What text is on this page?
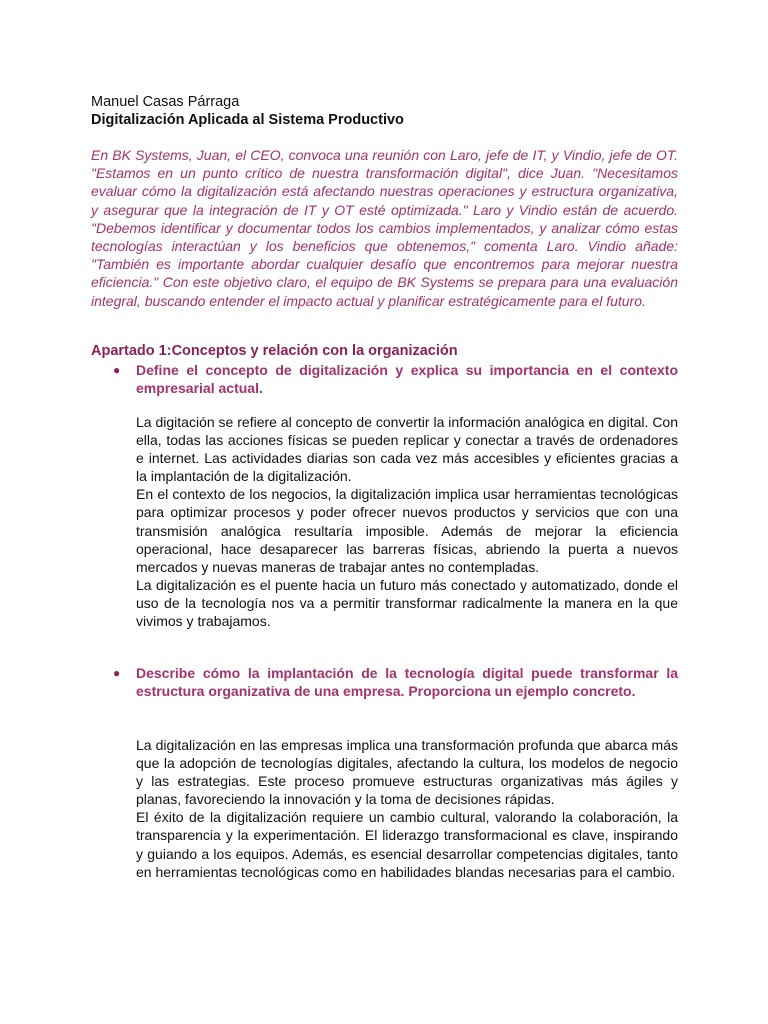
Manuel Casas Párraga
Digitalización Aplicada al Sistema Productivo

En BK Systems, Juan, el CEO, convoca una reunión con Laro, jefe de IT, y Vindio, jefe de OT. "Estamos en un punto crítico de nuestra transformación digital", dice Juan. "Necesitamos evaluar cómo la digitalización está afectando nuestras operaciones y estructura organizativa, y asegurar que la integración de IT y OT esté optimizada." Laro y Vindio están de acuerdo. "Debemos identificar y documentar todos los cambios implementados, y analizar cómo estas tecnologías interactúan y los beneficios que obtenemos," comenta Laro. Vindio añade: "También es importante abordar cualquier desafío que encontremos para mejorar nuestra eficiencia." Con este objetivo claro, el equipo de BK Systems se prepara para una evaluación integral, buscando entender el impacto actual y planificar estratégicamente para el futuro.

Apartado 1:Conceptos y relación con la organización
● Define el concepto de digitalización y explica su importancia en el contexto empresarial actual.

La digitación se refiere al concepto de convertir la información analógica en digital. Con ella, todas las acciones físicas se pueden replicar y conectar a través de ordenadores e internet. Las actividades diarias son cada vez más accesibles y eficientes gracias a la implantación de la digitalización.

En el contexto de los negocios, la digitalización implica usar herramientas tecnológicas para optimizar procesos y poder ofrecer nuevos productos y servicios que con una transmisión analógica resultaría imposible. Además de mejorar la eficiencia operacional, hace desaparecer las barreras físicas, abriendo la puerta a nuevos mercados y nuevas maneras de trabajar antes no contempladas.

La digitalización es el puente hacia un futuro más conectado y automatizado, donde el uso de la tecnología nos va a permitir transformar radicalmente la manera en la que vivimos y trabajamos.

● Describe cómo la implantación de la tecnología digital puede transformar la estructura organizativa de una empresa. Proporciona un ejemplo concreto.

La digitalización en las empresas implica una transformación profunda que abarca más que la adopción de tecnologías digitales, afectando la cultura, los modelos de negocio y las estrategias. Este proceso promueve estructuras organizativas más ágiles y planas, favoreciendo la innovación y la toma de decisiones rápidas.

El éxito de la digitalización requiere un cambio cultural, valorando la colaboración, la transparencia y la experimentación. El liderazgo transformacional es clave, inspirando y guiando a los equipos. Además, es esencial desarrollar competencias digitales, tanto en herramientas tecnológicas como en habilidades blandas necesarias para el cambio.
